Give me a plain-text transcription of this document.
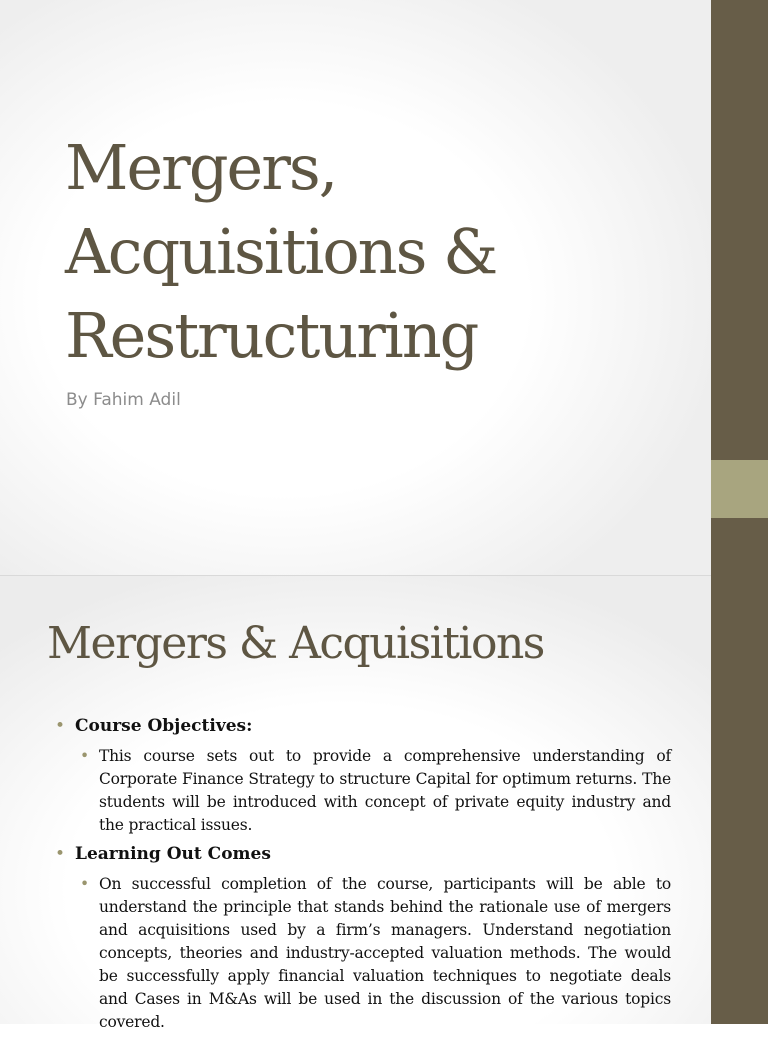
Mergers,
Acquisitions &
Restructuring
By Fahim Adil
Mergers & Acquisitions
• Course Objectives:
• This course sets out to provide a comprehensive understanding of Corporate Finance Strategy to structure Capital for optimum returns. The students will be introduced with concept of private equity industry and the practical issues.
• Learning Out Comes
• On successful completion of the course, participants will be able to understand the principle that stands behind the rationale use of mergers and acquisitions used by a firm’s managers. Understand negotiation concepts, theories and industry-accepted valuation methods. The would be successfully apply financial valuation techniques to negotiate deals and Cases in M&As will be used in the discussion of the various topics covered.
